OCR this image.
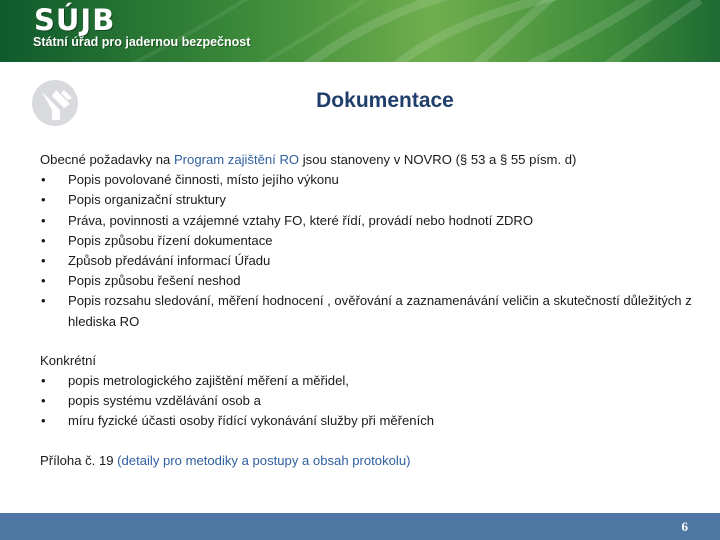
SÚJB
Státní úřad pro jadernou bezpečnost
Dokumentace
Obecné požadavky na Program zajištění RO jsou stanoveny v NOVRO (§ 53 a § 55 písm. d)
• Popis povolované činnosti, místo jejího výkonu
• Popis organizační struktury
• Práva, povinnosti a vzájemné vztahy FO, které řídí, provádí nebo hodnotí ZDRO
• Popis způsobu řízení dokumentace
• Způsob předávání informací Úřadu
• Popis způsobu řešení neshod
• Popis rozsahu sledování, měření hodnocení , ověřování a zaznamenávání veličin a skutečností důležitých z hlediska RO
Konkrétní
• popis metrologického zajištění měření a měřidel,
• popis systému vzdělávání osob a
• míru fyzické účasti osoby řídící vykonávání služby při měřeních
Příloha č. 19 (detaily pro metodiky a postupy a obsah protokolu)
6
